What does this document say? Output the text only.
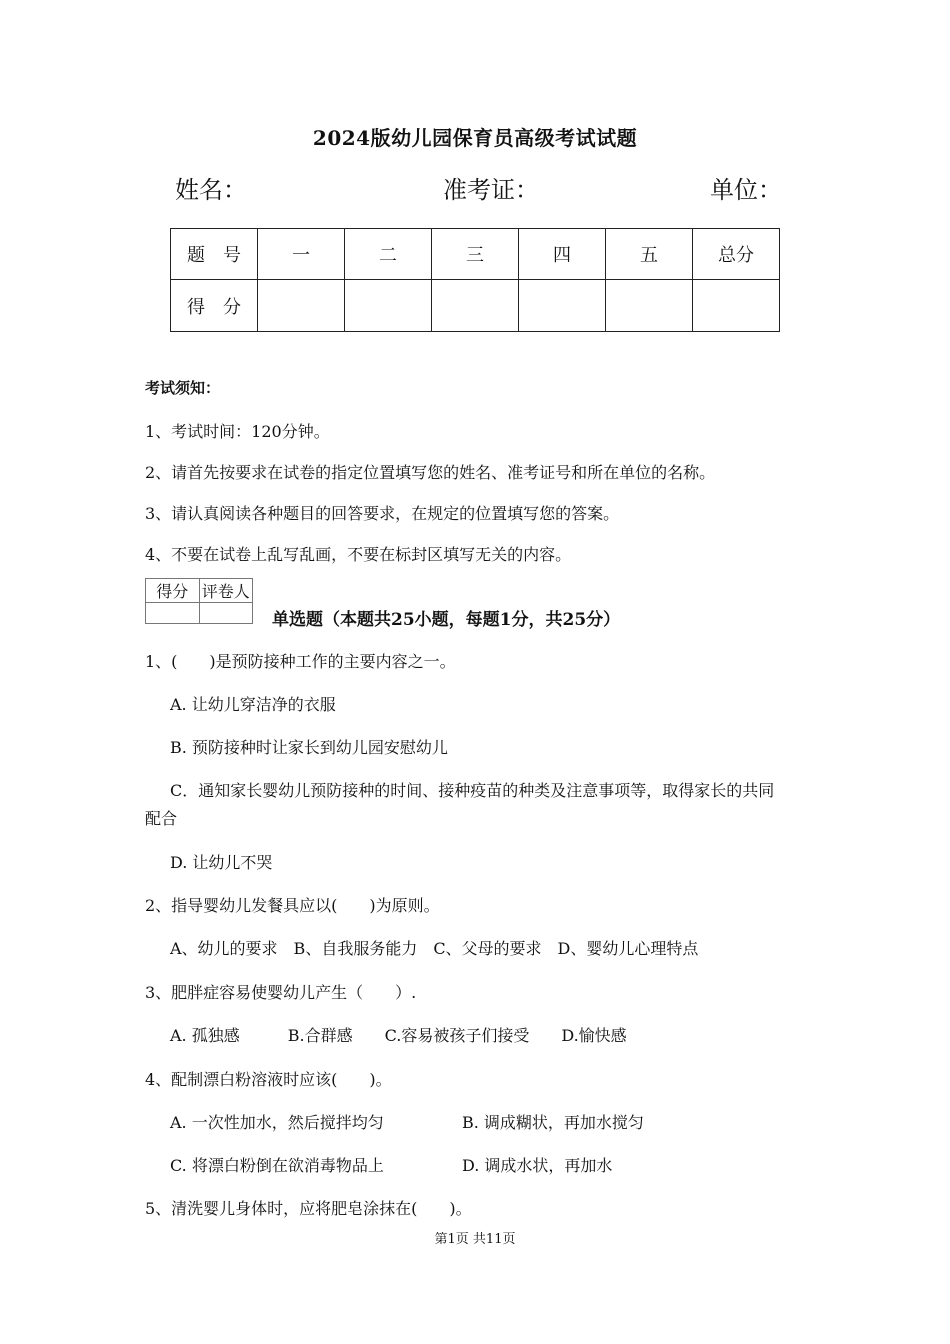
2024版幼儿园保育员高级考试试题
姓名：	准考证：	单位：
题　号	一	二	三	四	五	总分
得　分						
考试须知：
1、考试时间：120分钟。
2、请首先按要求在试卷的指定位置填写您的姓名、准考证号和所在单位的名称。
3、请认真阅读各种题目的回答要求，在规定的位置填写您的答案。
4、不要在试卷上乱写乱画，不要在标封区填写无关的内容。
得分	评卷人

单选题（本题共25小题，每题1分，共25分）
1、(　　)是预防接种工作的主要内容之一。
A. 让幼儿穿洁净的衣服
B. 预防接种时让家长到幼儿园安慰幼儿
C．通知家长婴幼儿预防接种的时间、接种疫苗的种类及注意事项等，取得家长的共同
配合
D. 让幼儿不哭
2、指导婴幼儿发餐具应以(　　)为原则。
A、幼儿的要求　B、自我服务能力　C、父母的要求　D、婴幼儿心理特点
3、肥胖症容易使婴幼儿产生（　　）.
A. 孤独感　　　B.合群感　　C.容易被孩子们接受　　D.愉快感
4、配制漂白粉溶液时应该(　　)。
A. 一次性加水，然后搅拌均匀	B. 调成糊状，再加水搅匀
C. 将漂白粉倒在欲消毒物品上	D. 调成水状，再加水
5、清洗婴儿身体时，应将肥皂涂抹在(　　)。
第1页 共11页
